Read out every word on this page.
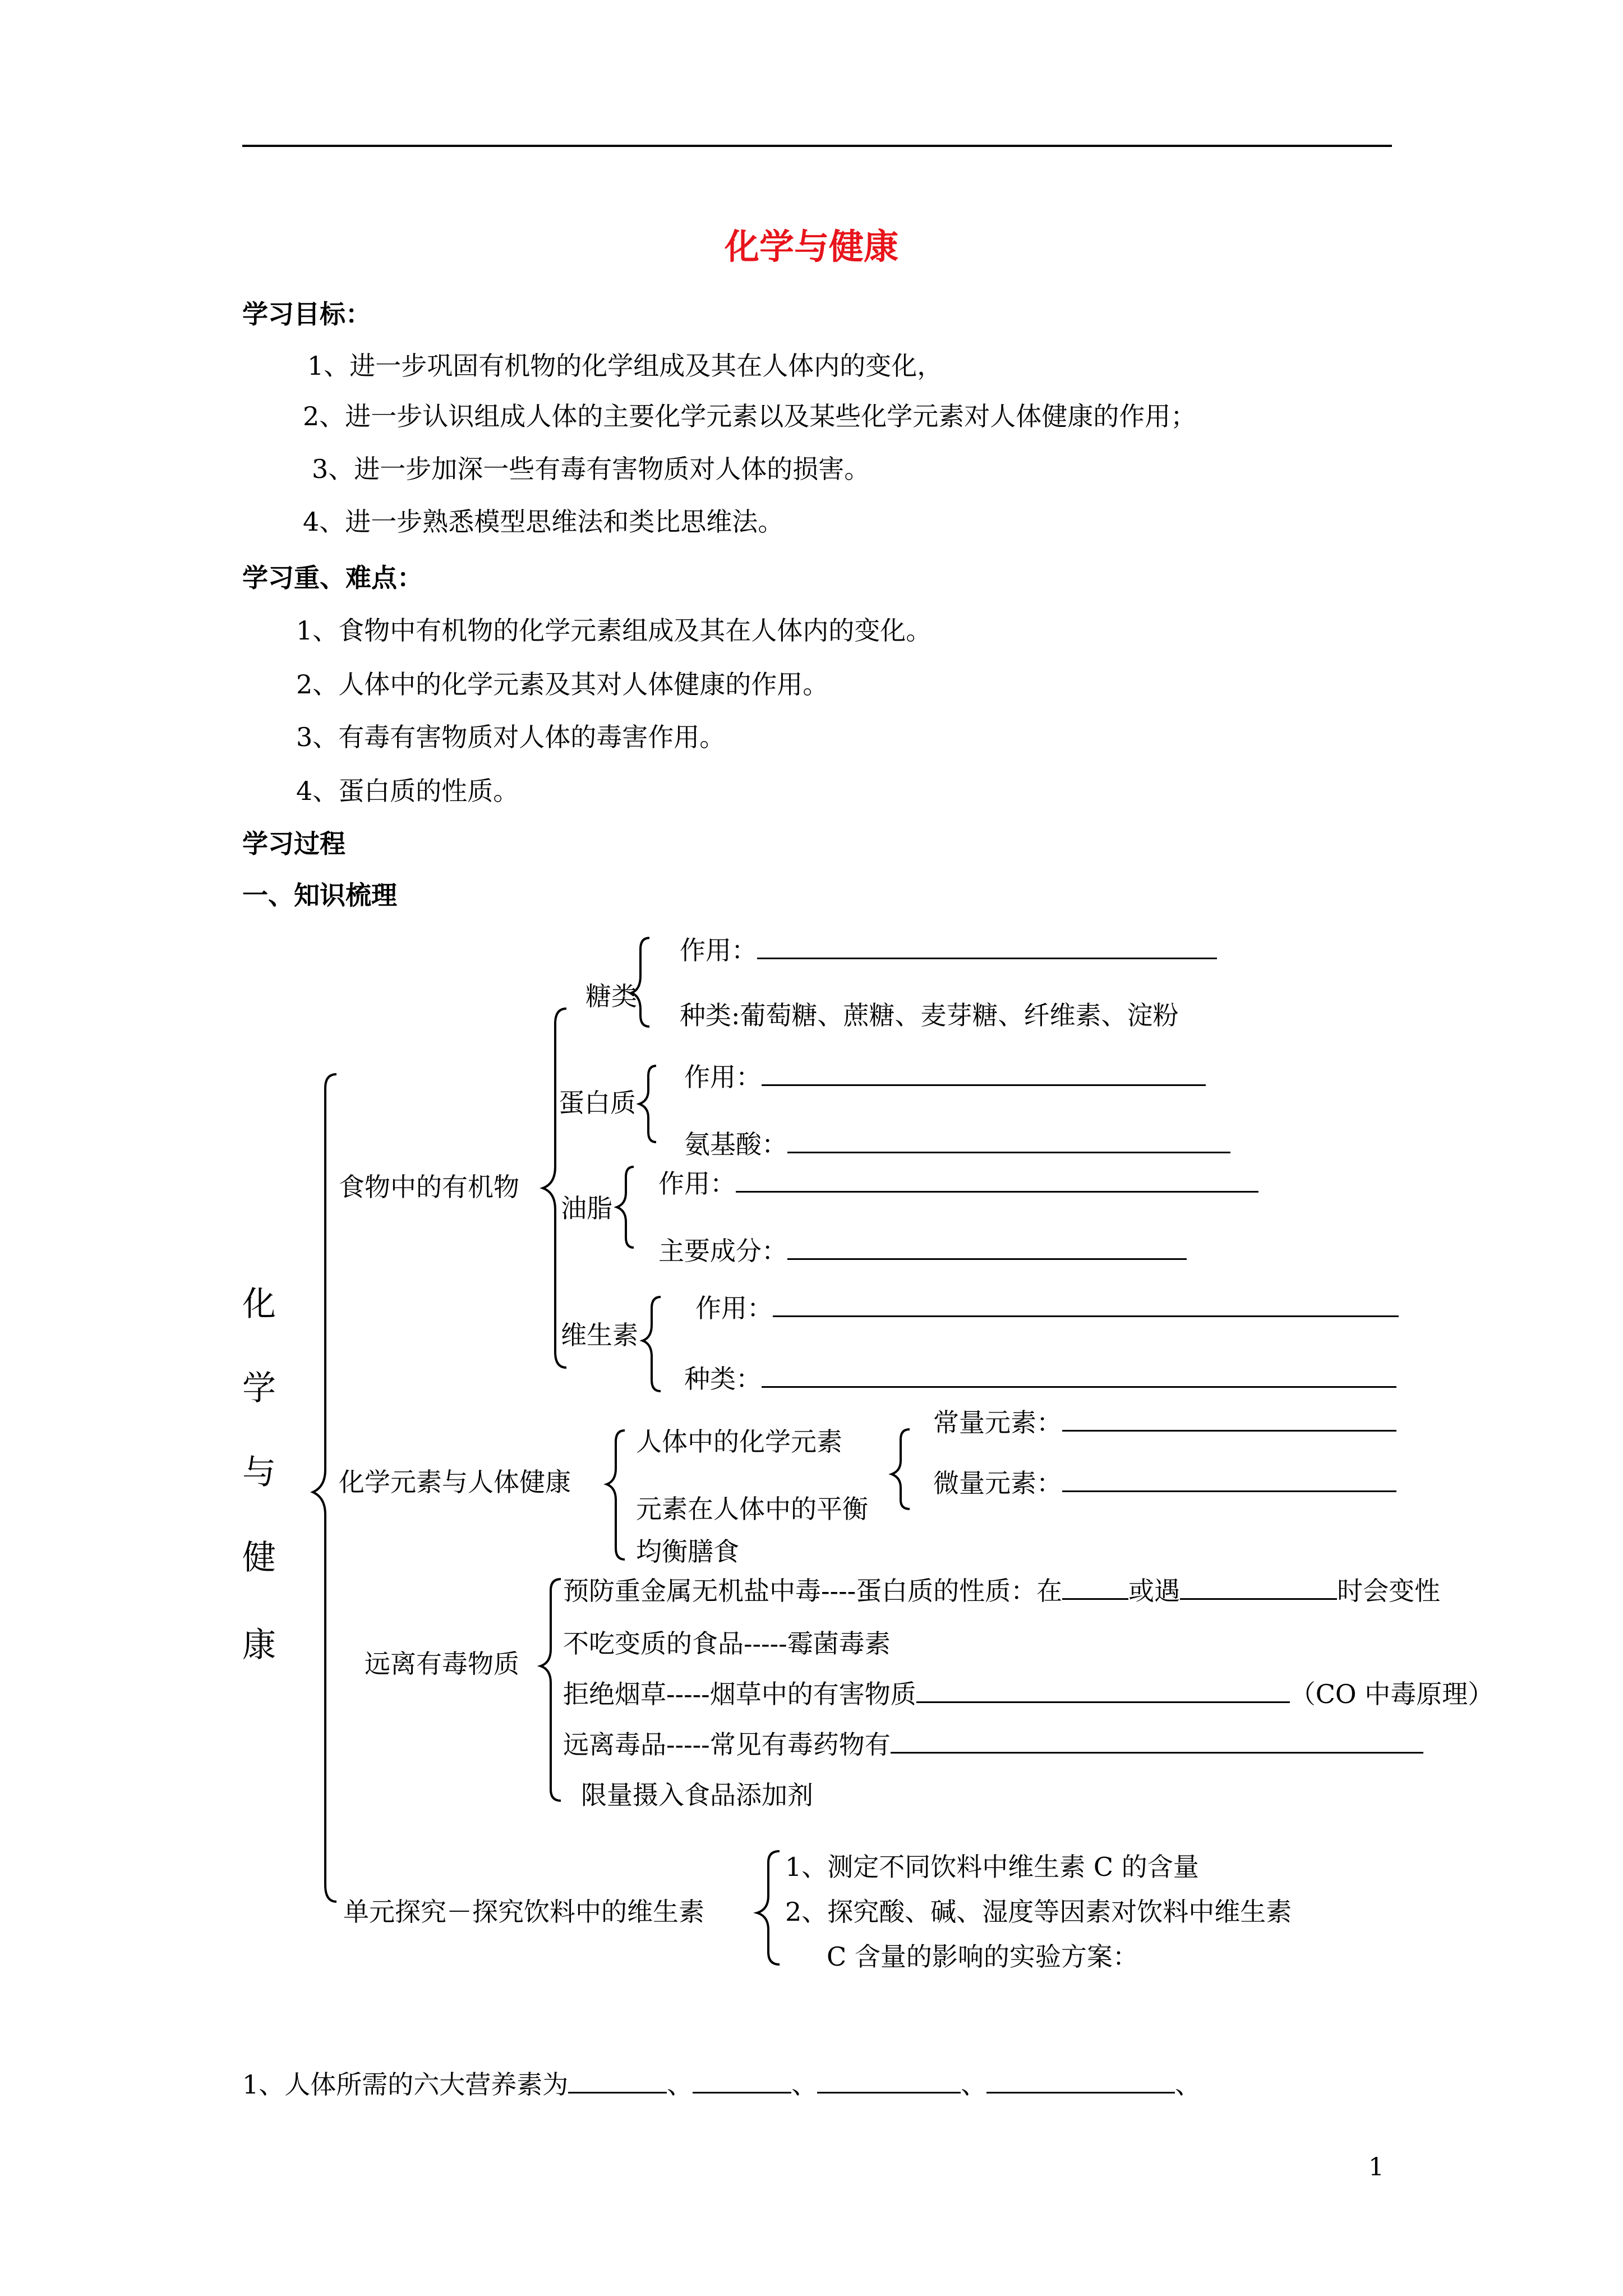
化学与健康
学习目标：
1、进一步巩固有机物的化学组成及其在人体内的变化，
2、进一步认识组成人体的主要化学元素以及某些化学元素对人体健康的作用；
3、进一步加深一些有毒有害物质对人体的损害。
4、进一步熟悉模型思维法和类比思维法。
学习重、难点：
1、食物中有机物的化学元素组成及其在人体内的变化。
2、人体中的化学元素及其对人体健康的作用。
3、有毒有害物质对人体的毒害作用。
4、蛋白质的性质。
学习过程
一、知识梳理
化
学
与
健
康
食物中的有机物
糖类
作用：
种类:葡萄糖、蔗糖、麦芽糖、纤维素、淀粉
蛋白质
作用：
氨基酸：
油脂
作用：
主要成分：
维生素
作用：
种类：
化学元素与人体健康
人体中的化学元素
常量元素：
微量元素：
元素在人体中的平衡
均衡膳食
远离有毒物质
预防重金属无机盐中毒----蛋白质的性质：在	或遇	时会变性
不吃变质的食品-----霉菌毒素
拒绝烟草-----烟草中的有害物质	（CO 中毒原理）
远离毒品-----常见有毒药物有
限量摄入食品添加剂
单元探究－探究饮料中的维生素
1、测定不同饮料中维生素 C 的含量
2、探究酸、碱、湿度等因素对饮料中维生素
C 含量的影响的实验方案：
1、人体所需的六大营养素为	、	、	、	、
1
